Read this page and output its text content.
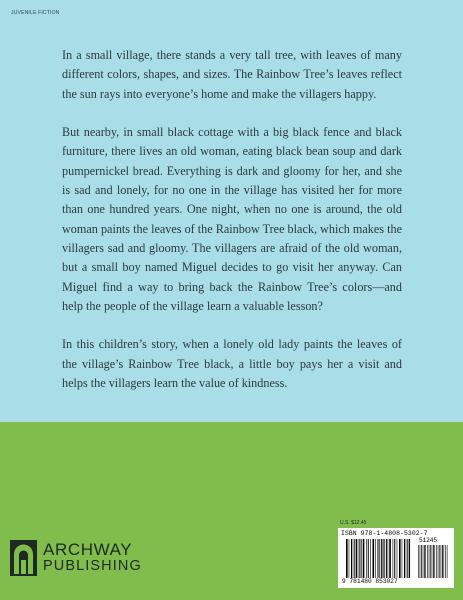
JUVENILE FICTION

In a small village, there stands a very tall tree, with leaves of many different colors, shapes, and sizes. The Rainbow Tree’s leaves reflect the sun rays into everyone’s home and make the villagers happy.

But nearby, in small black cottage with a big black fence and black furniture, there lives an old woman, eating black bean soup and dark pumpernickel bread. Everything is dark and gloomy for her, and she is sad and lonely, for no one in the village has visited her for more than one hundred years. One night, when no one is around, the old woman paints the leaves of the Rainbow Tree black, which makes the villagers sad and gloomy. The villagers are afraid of the old woman, but a small boy named Miguel decides to go visit her anyway. Can Miguel find a way to bring back the Rainbow Tree’s colors—and help the people of the village learn a valuable lesson?

In this children’s story, when a lonely old lady paints the leaves of the village’s Rainbow Tree black, a little boy pays her a visit and helps the villagers learn the value of kindness.

ARCHWAY
PUBLISHING
U.S. $12.45
ISBN 978-1-4808-5302-7
51245
9 781480 853027
